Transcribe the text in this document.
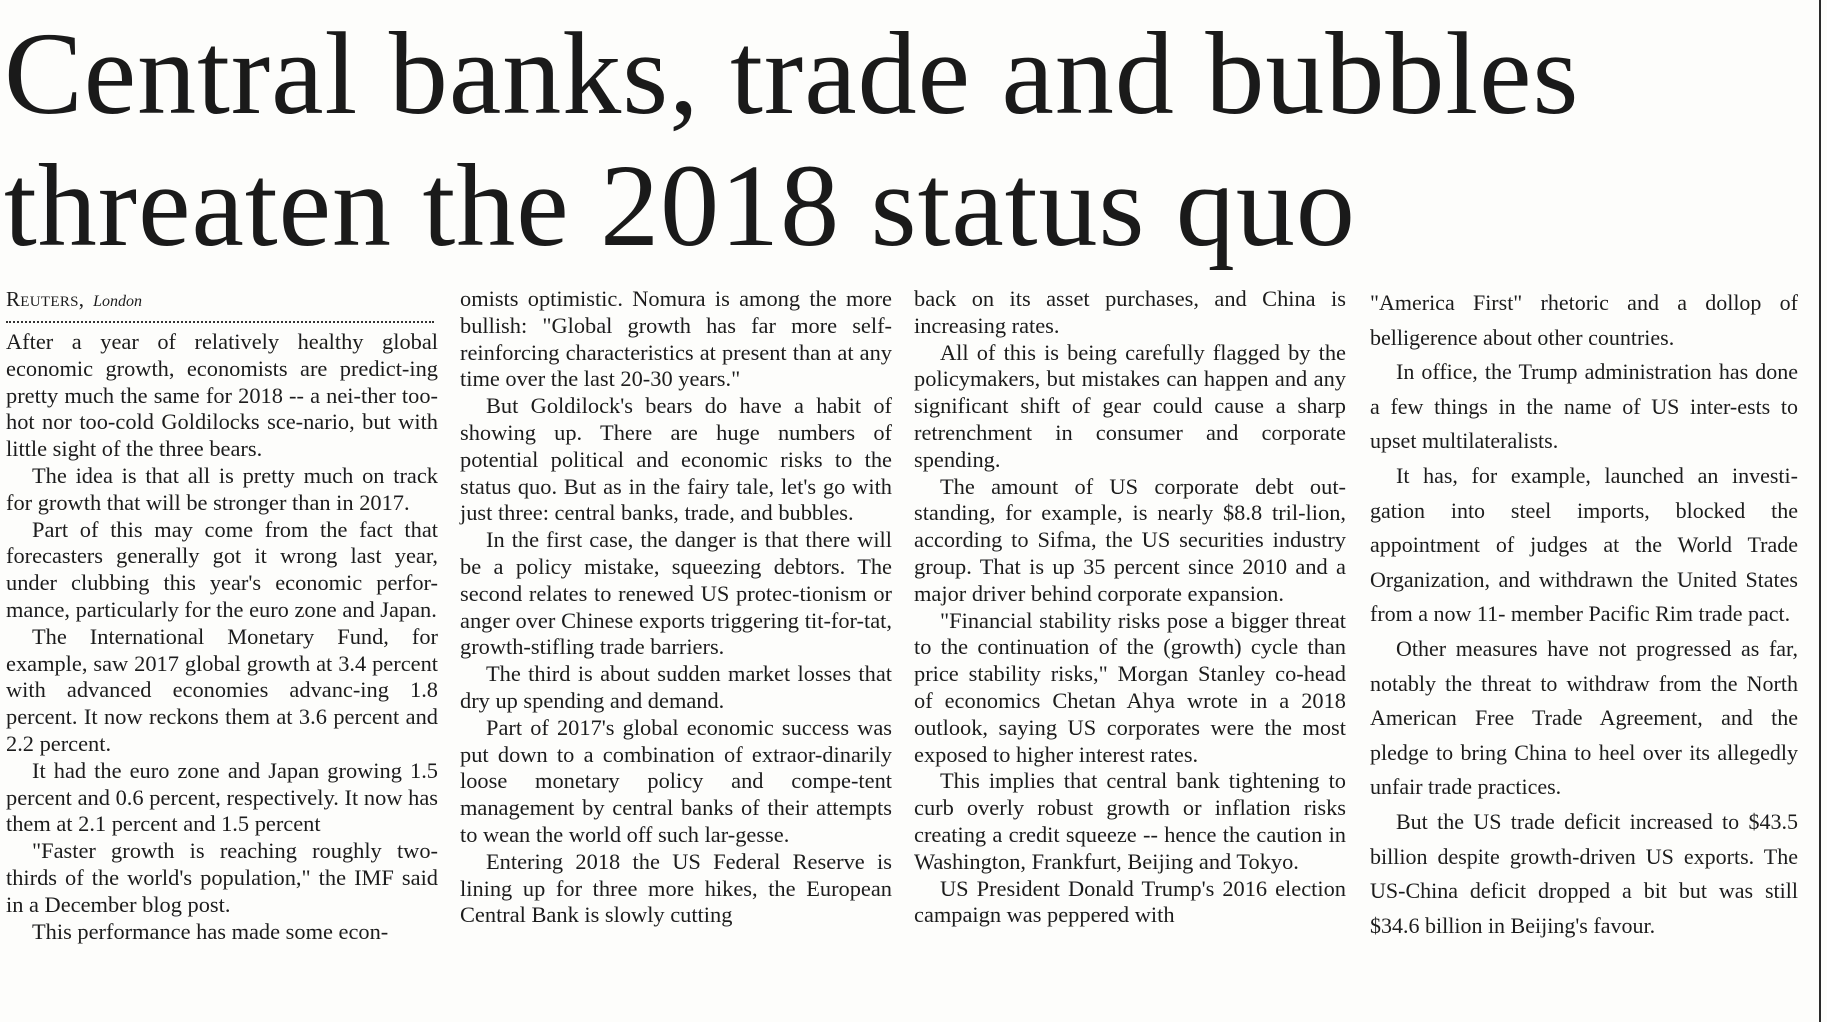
Central banks, trade and bubbles
threaten the 2018 status quo
Reuters, London

After a year of relatively healthy global economic growth, economists are predict-ing pretty much the same for 2018 -- a nei-ther too-hot nor too-cold Goldilocks sce-nario, but with little sight of the three bears.

The idea is that all is pretty much on track for growth that will be stronger than in 2017.

Part of this may come from the fact that forecasters generally got it wrong last year, under clubbing this year's economic perfor-mance, particularly for the euro zone and Japan.

The International Monetary Fund, for example, saw 2017 global growth at 3.4 percent with advanced economies advanc-ing 1.8 percent. It now reckons them at 3.6 percent and 2.2 percent.

It had the euro zone and Japan growing 1.5 percent and 0.6 percent, respectively. It now has them at 2.1 percent and 1.5 percent

"Faster growth is reaching roughly two-thirds of the world's population," the IMF said in a December blog post.

This performance has made some econ-

omists optimistic. Nomura is among the more bullish: "Global growth has far more self-reinforcing characteristics at present than at any time over the last 20-30 years."

But Goldilock's bears do have a habit of showing up. There are huge numbers of potential political and economic risks to the status quo. But as in the fairy tale, let's go with just three: central banks, trade, and bubbles.

In the first case, the danger is that there will be a policy mistake, squeezing debtors. The second relates to renewed US protec-tionism or anger over Chinese exports triggering tit-for-tat, growth-stifling trade barriers.

The third is about sudden market losses that dry up spending and demand.

Part of 2017's global economic success was put down to a combination of extraor-dinarily loose monetary policy and compe-tent management by central banks of their attempts to wean the world off such lar-gesse.

Entering 2018 the US Federal Reserve is lining up for three more hikes, the European Central Bank is slowly cutting

back on its asset purchases, and China is increasing rates.

All of this is being carefully flagged by the policymakers, but mistakes can happen and any significant shift of gear could cause a sharp retrenchment in consumer and corporate spending.

The amount of US corporate debt out-standing, for example, is nearly $8.8 tril-lion, according to Sifma, the US securities industry group. That is up 35 percent since 2010 and a major driver behind corporate expansion.

"Financial stability risks pose a bigger threat to the continuation of the (growth) cycle than price stability risks," Morgan Stanley co-head of economics Chetan Ahya wrote in a 2018 outlook, saying US corporates were the most exposed to higher interest rates.

This implies that central bank tightening to curb overly robust growth or inflation risks creating a credit squeeze -- hence the caution in Washington, Frankfurt, Beijing and Tokyo.

US President Donald Trump's 2016 election campaign was peppered with

"America First" rhetoric and a dollop of belligerence about other countries.

In office, the Trump administration has done a few things in the name of US inter-ests to upset multilateralists.

It has, for example, launched an investi-gation into steel imports, blocked the appointment of judges at the World Trade Organization, and withdrawn the United States from a now 11- member Pacific Rim trade pact.

Other measures have not progressed as far, notably the threat to withdraw from the North American Free Trade Agreement, and the pledge to bring China to heel over its allegedly unfair trade practices.

But the US trade deficit increased to $43.5 billion despite growth-driven US exports. The US-China deficit dropped a bit but was still $34.6 billion in Beijing's favour.
